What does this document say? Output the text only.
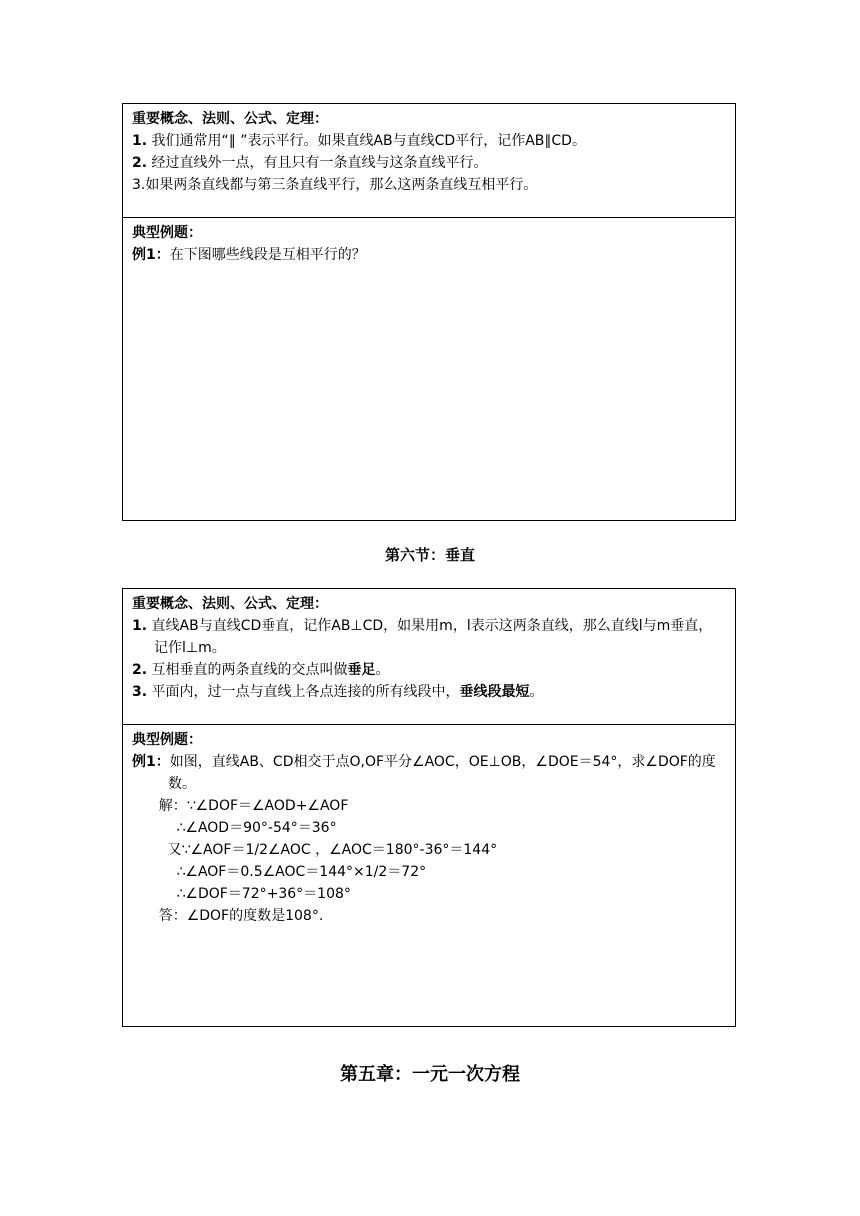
重要概念、法则、公式、定理：
1. 我们通常用“∥ ”表示平行。如果直线AB与直线CD平行，记作AB∥CD。
2. 经过直线外一点，有且只有一条直线与这条直线平行。
3.如果两条直线都与第三条直线平行，那么这两条直线互相平行。
典型例题：
例1：在下图哪些线段是互相平行的？
第六节：垂直
重要概念、法则、公式、定理：
1. 直线AB与直线CD垂直，记作AB⊥CD，如果用m，l表示这两条直线，那么直线l与m垂直，记作l⊥m。
2. 互相垂直的两条直线的交点叫做垂足。
3. 平面内，过一点与直线上各点连接的所有线段中，垂线段最短。
典型例题：
例1：如图，直线AB、CD相交于点O,OF平分∠AOC，OE⊥OB，∠DOE＝54°，求∠DOF的度数。
解：∵∠DOF＝∠AOD+∠AOF
∴∠AOD＝90°-54°＝36°
又∵∠AOF＝1/2∠AOC ，∠AOC＝180°-36°＝144°
∴∠AOF＝0.5∠AOC＝144°×1/2＝72°
∴∠DOF＝72°+36°＝108°
答：∠DOF的度数是108°.
第五章：一元一次方程
